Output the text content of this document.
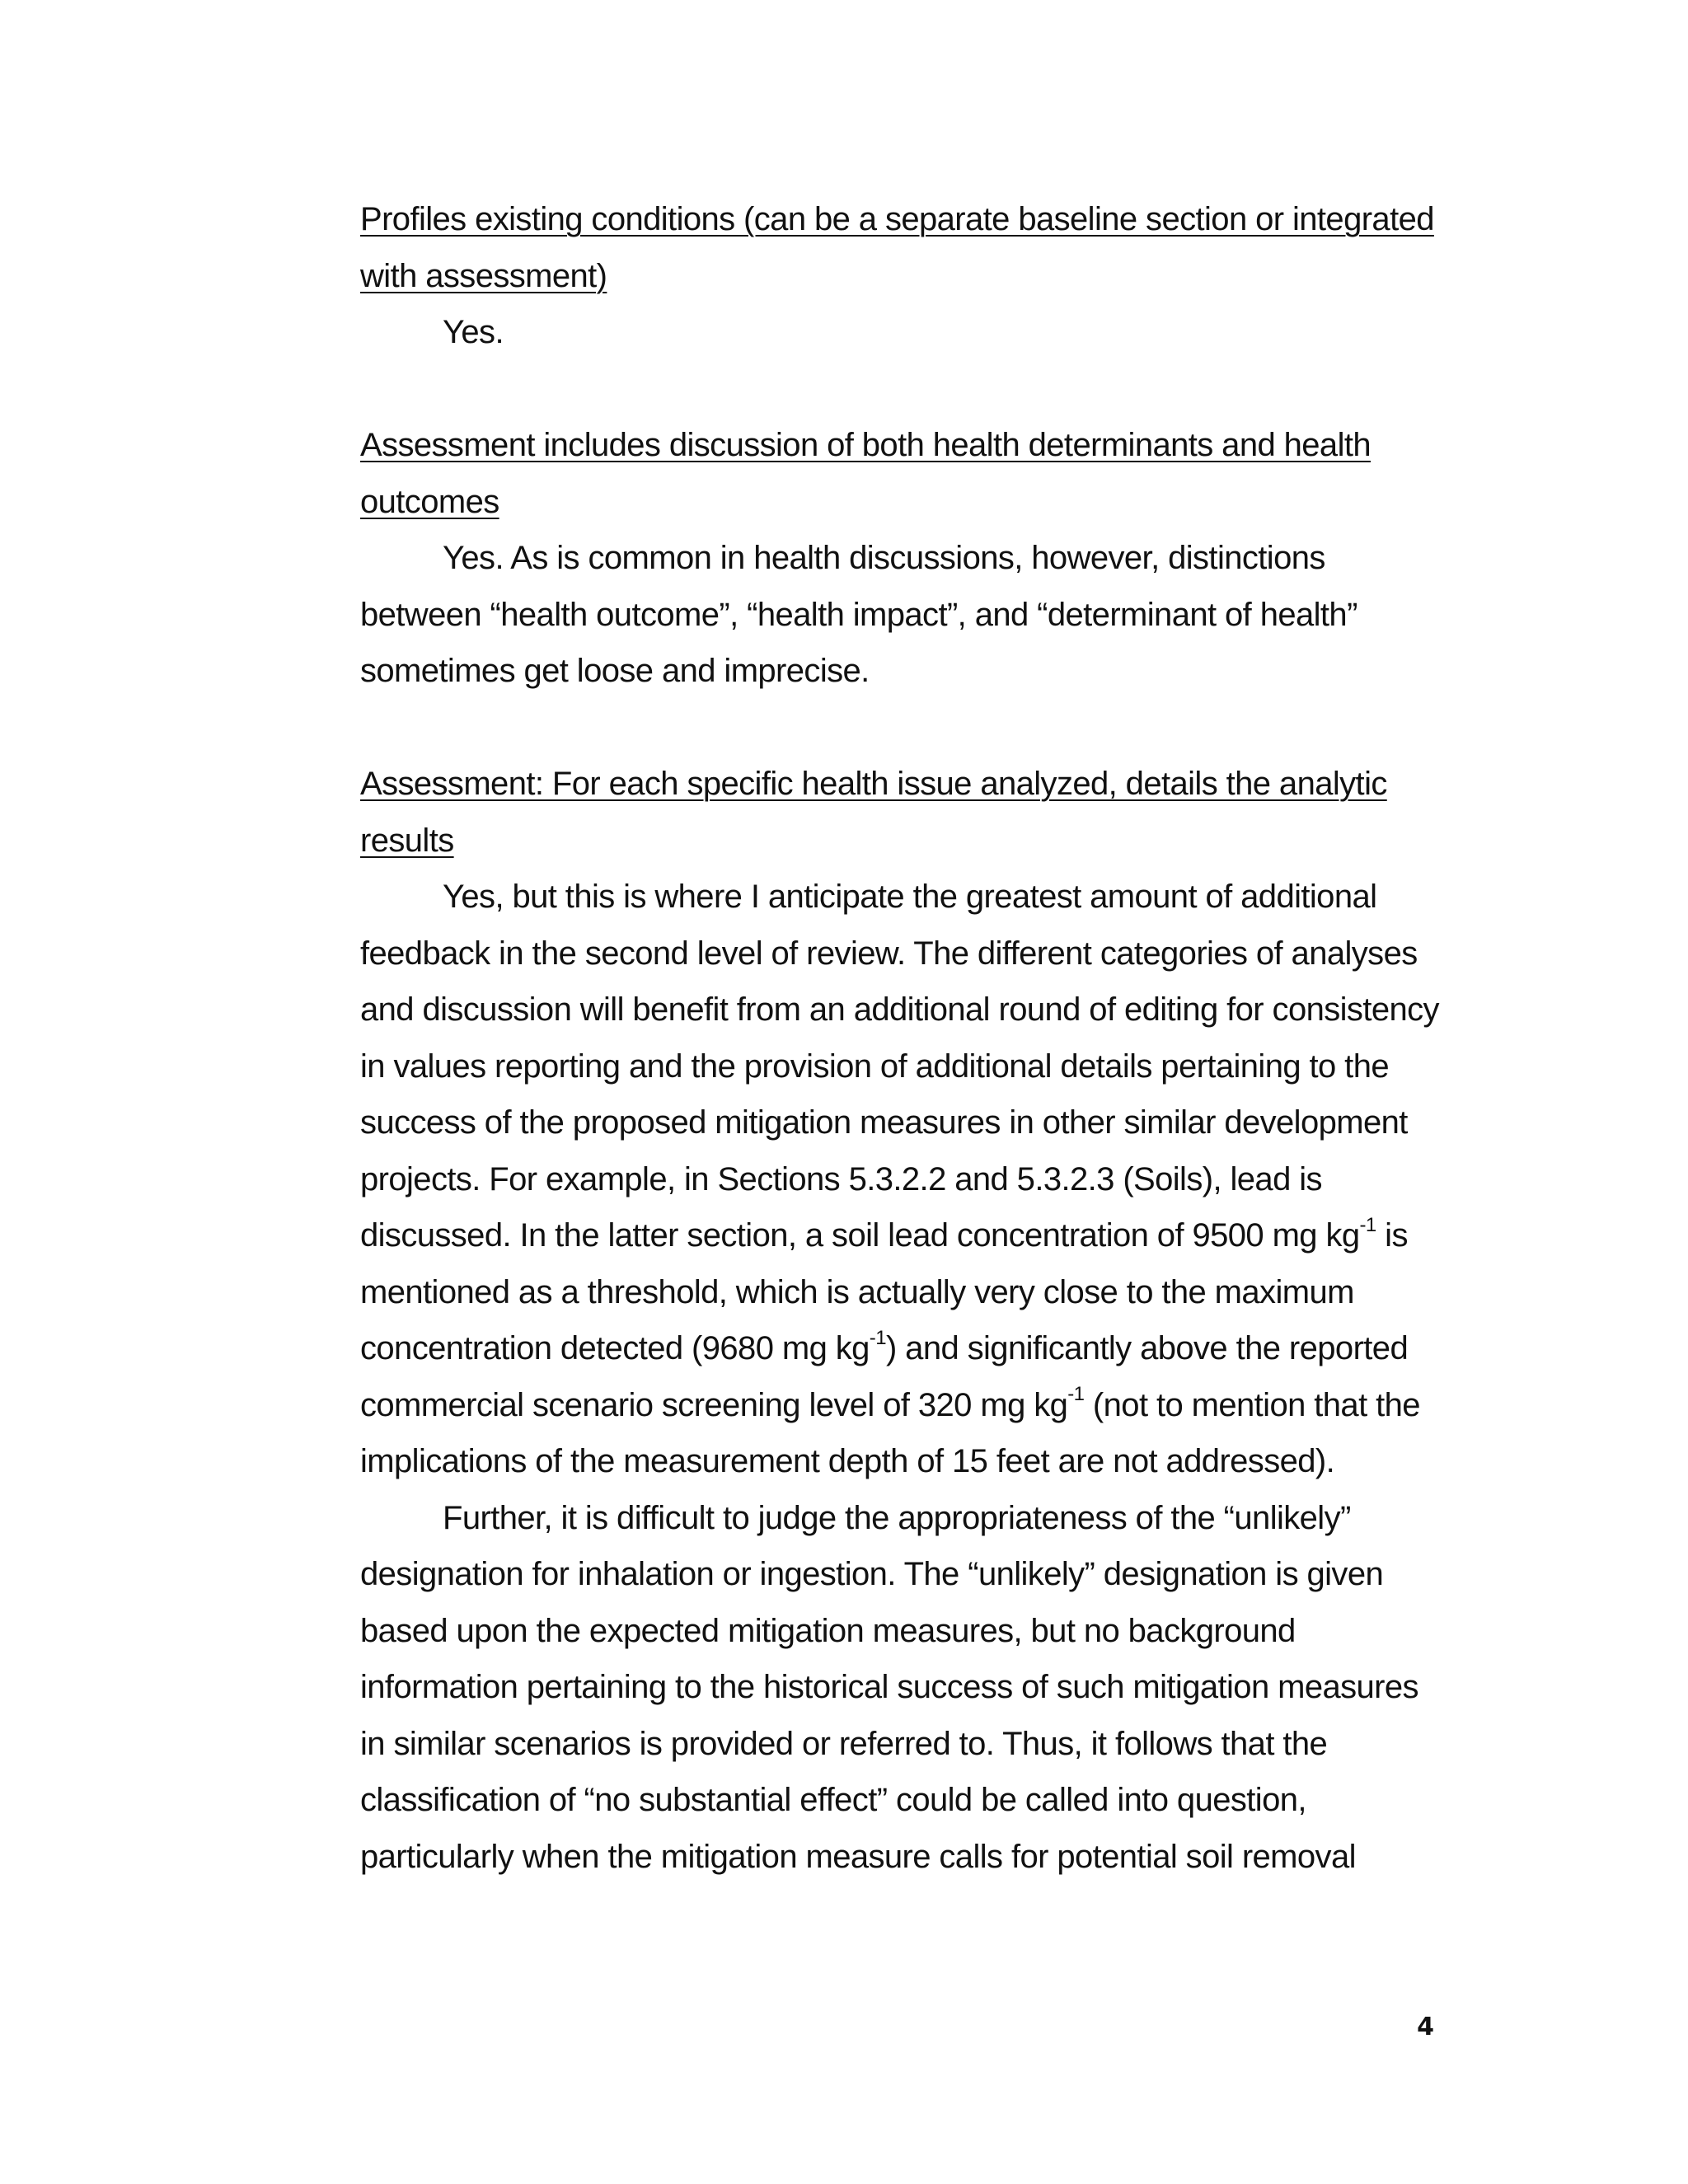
Profiles existing conditions (can be a separate baseline section or integrated with assessment)

Yes.

Assessment includes discussion of both health determinants and health outcomes

Yes. As is common in health discussions, however, distinctions between “health outcome”, “health impact”, and “determinant of health” sometimes get loose and imprecise.

Assessment: For each specific health issue analyzed, details the analytic results

Yes, but this is where I anticipate the greatest amount of additional feedback in the second level of review. The different categories of analyses and discussion will benefit from an additional round of editing for consistency in values reporting and the provision of additional details pertaining to the success of the proposed mitigation measures in other similar development projects. For example, in Sections 5.3.2.2 and 5.3.2.3 (Soils), lead is discussed. In the latter section, a soil lead concentration of 9500 mg $kg^{-1}$ is mentioned as a threshold, which is actually very close to the maximum concentration detected (9680 mg $kg^{-1}$) and significantly above the reported commercial scenario screening level of 320 mg $kg^{-1}$ (not to mention that the implications of the measurement depth of 15 feet are not addressed).

Further, it is difficult to judge the appropriateness of the “unlikely” designation for inhalation or ingestion. The “unlikely” designation is given based upon the expected mitigation measures, but no background information pertaining to the historical success of such mitigation measures in similar scenarios is provided or referred to. Thus, it follows that the classification of “no substantial effect” could be called into question, particularly when the mitigation measure calls for potential soil removal

4
